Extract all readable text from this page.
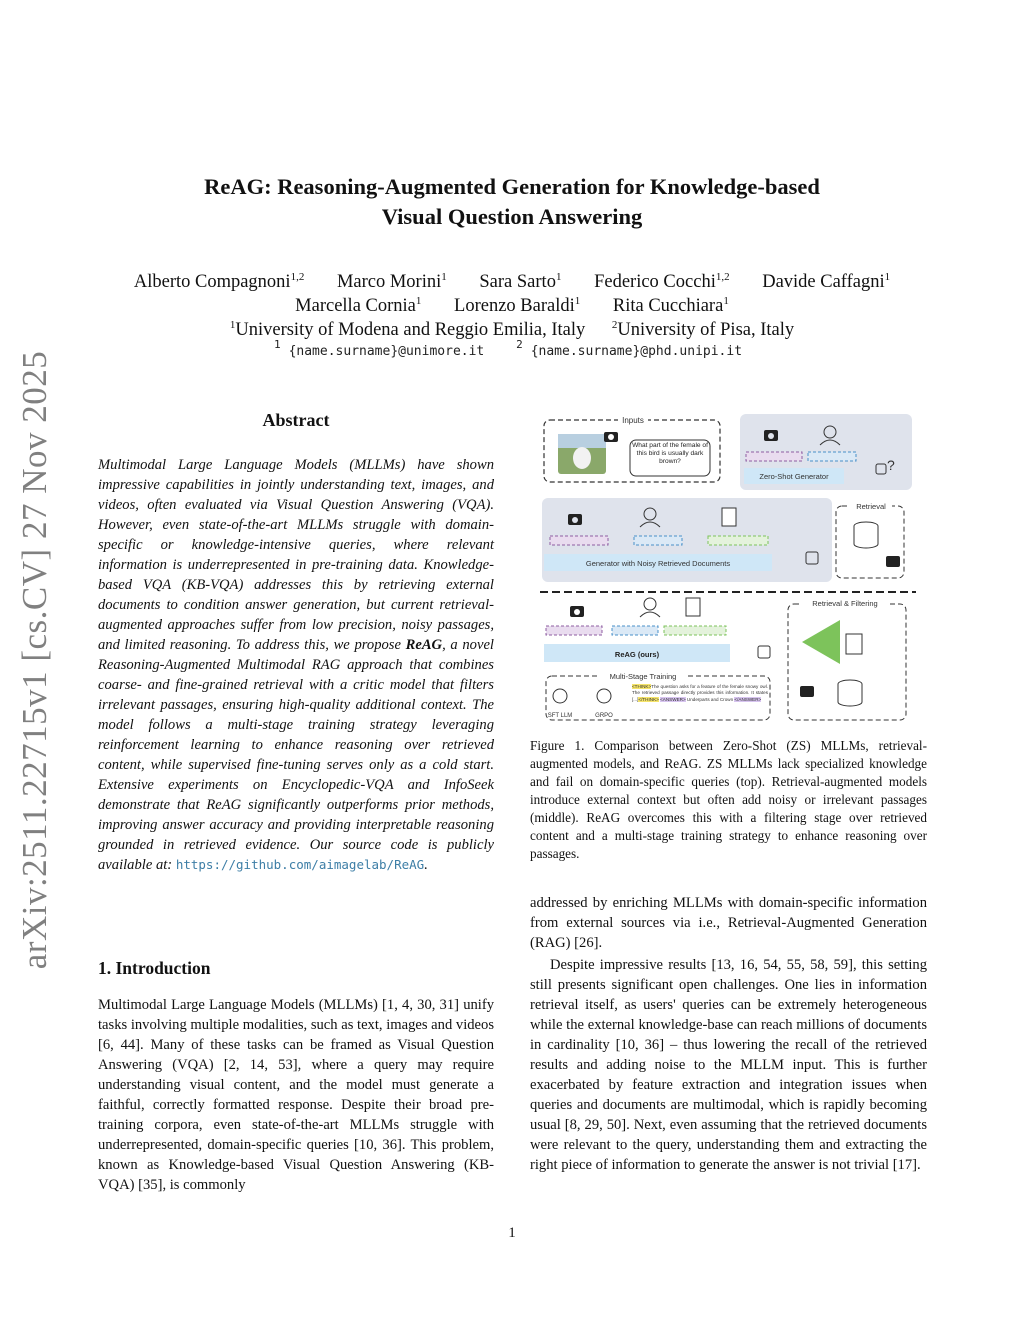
arXiv:2511.22715v1 [cs.CV] 27 Nov 2025
ReAG: Reasoning-Augmented Generation for Knowledge-based
Visual Question Answering
Alberto Compagnoni$^{1,2}$ Marco Morini$^1$ Sara Sarto$^1$ Federico Cocchi$^{1,2}$ Davide Caffagni$^1$
Marcella Cornia$^1$ Lorenzo Baraldi$^1$ Rita Cucchiara$^1$
$^1$University of Modena and Reggio Emilia, Italy $^2$University of Pisa, Italy
$^1$ {name.surname}@unimore.it	$^2$ {name.surname}@phd.unipi.it
Abstract
Multimodal Large Language Models (MLLMs) have shown impressive capabilities in jointly understanding text, images, and videos, often evaluated via Visual Question Answering (VQA). However, even state-of-the-art MLLMs struggle with domain-specific or knowledge-intensive queries, where relevant information is underrepresented in pre-training data. Knowledge-based VQA (KB-VQA) addresses this by retrieving external documents to condition answer generation, but current retrieval-augmented approaches suffer from low precision, noisy passages, and limited reasoning. To address this, we propose ReAG, a novel Reasoning-Augmented Multimodal RAG approach that combines coarse- and fine-grained retrieval with a critic model that filters irrelevant passages, ensuring high-quality additional context. The model follows a multi-stage training strategy leveraging reinforcement learning to enhance reasoning over retrieved content, while supervised fine-tuning serves only as a cold start. Extensive experiments on Encyclopedic-VQA and InfoSeek demonstrate that ReAG significantly outperforms prior methods, improving answer accuracy and providing interpretable reasoning grounded in retrieved evidence. Our source code is publicly available at: https://github.com/aimagelab/ReAG.
1. Introduction
Multimodal Large Language Models (MLLMs) [1, 4, 30, 31] unify tasks involving multiple modalities, such as text, images and videos [6, 44]. Many of these tasks can be framed as Visual Question Answering (VQA) [2, 14, 53], where a query may require understanding visual content, and the model must generate a faithful, correctly formatted response. Despite their broad pre-training corpora, even state-of-the-art MLLMs struggle with underrepresented, domain-specific queries [10, 36]. This problem, known as Knowledge-based Visual Question Answering (KB-VQA) [35], is commonly
Inputs
What part of the female of this bird is usually dark brown?
Zero-Shot Generator
?
Generator with Noisy Retrieved Documents
Retrieval
ReAG (ours)
Multi-Stage Training
SFT LLM	GRPO
<THINK>The question asks for a feature of the female snowy owl. The retrieved passage directly provides this information. It states [...]</THINK> <ANSWER> Underparts and Crown </ANSWER>
Retrieval & Filtering
Figure 1. Comparison between Zero-Shot (ZS) MLLMs, retrieval-augmented models, and ReAG. ZS MLLMs lack specialized knowledge and fail on domain-specific queries (top). Retrieval-augmented models introduce external context but often add noisy or irrelevant passages (middle). ReAG overcomes this with a filtering stage over retrieved content and a multi-stage training strategy to enhance reasoning over passages.

addressed by enriching MLLMs with domain-specific information from external sources via i.e., Retrieval-Augmented Generation (RAG) [26].

Despite impressive results [13, 16, 54, 55, 58, 59], this setting still presents significant open challenges. One lies in information retrieval itself, as users' queries can be extremely heterogeneous while the external knowledge-base can reach millions of documents in cardinality [10, 36] – thus lowering the recall of the retrieved results and adding noise to the MLLM input. This is further exacerbated by feature extraction and integration issues when queries and documents are multimodal, which is rapidly becoming usual [8, 29, 50]. Next, even assuming that the retrieved documents were relevant to the query, understanding them and extracting the right piece of information to generate the answer is not trivial [17].

1
